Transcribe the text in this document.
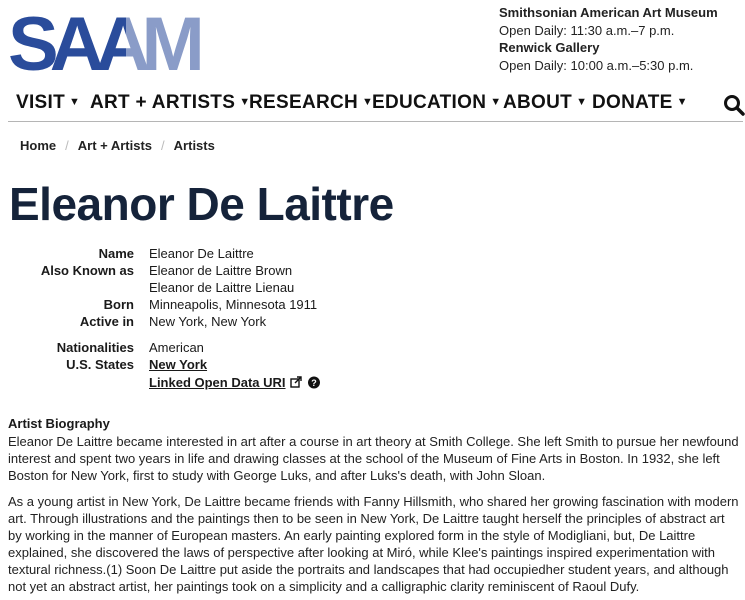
SAAM	Smithsonian American Art Museum
Open Daily: 11:30 a.m.–7 p.m.
Renwick Gallery
Open Daily: 10:00 a.m.–5:30 p.m.
VISIT ▼ ART + ARTISTS ▼
RESEARCH ▼
EDUCATION ▼ ABOUT ▼ DONATE ▼
Home / Art + Artists / Artists
Eleanor De Laittre
Name Eleanor De Laittre
Also Known as Eleanor de Laittre Brown
Eleanor de Laittre Lienau
Born Minneapolis, Minnesota 1911
Active in New York, New York
Nationalities American
U.S. States New York
Linked Open Data URI	?
Artist Biography

Eleanor De Laittre became interested in art after a course in art theory at Smith College. She left Smith to pursue her newfound interest and spent two years in life and drawing classes at the school of the Museum of Fine Arts in Boston. In 1932, she left Boston for New York, first to study with George Luks, and after Luks's death, with John Sloan.

As a young artist in New York, De Laittre became friends with Fanny Hillsmith, who shared her growing fascination with modern art. Through illustrations and the paintings then to be seen in New York, De Laittre taught herself the principles of abstract art by working in the manner of European masters. An early painting explored form in the style of Modigliani, but, De Laittre explained, she discovered the laws of perspective after looking at Miró, while Klee's paintings inspired experimentation with textural richness.(1) Soon De Laittre put aside the portraits and landscapes that had occupiedher student years, and although not yet an abstract artist, her paintings took on a simplicity and a calligraphic clarity reminiscent of Raoul Dufy.
